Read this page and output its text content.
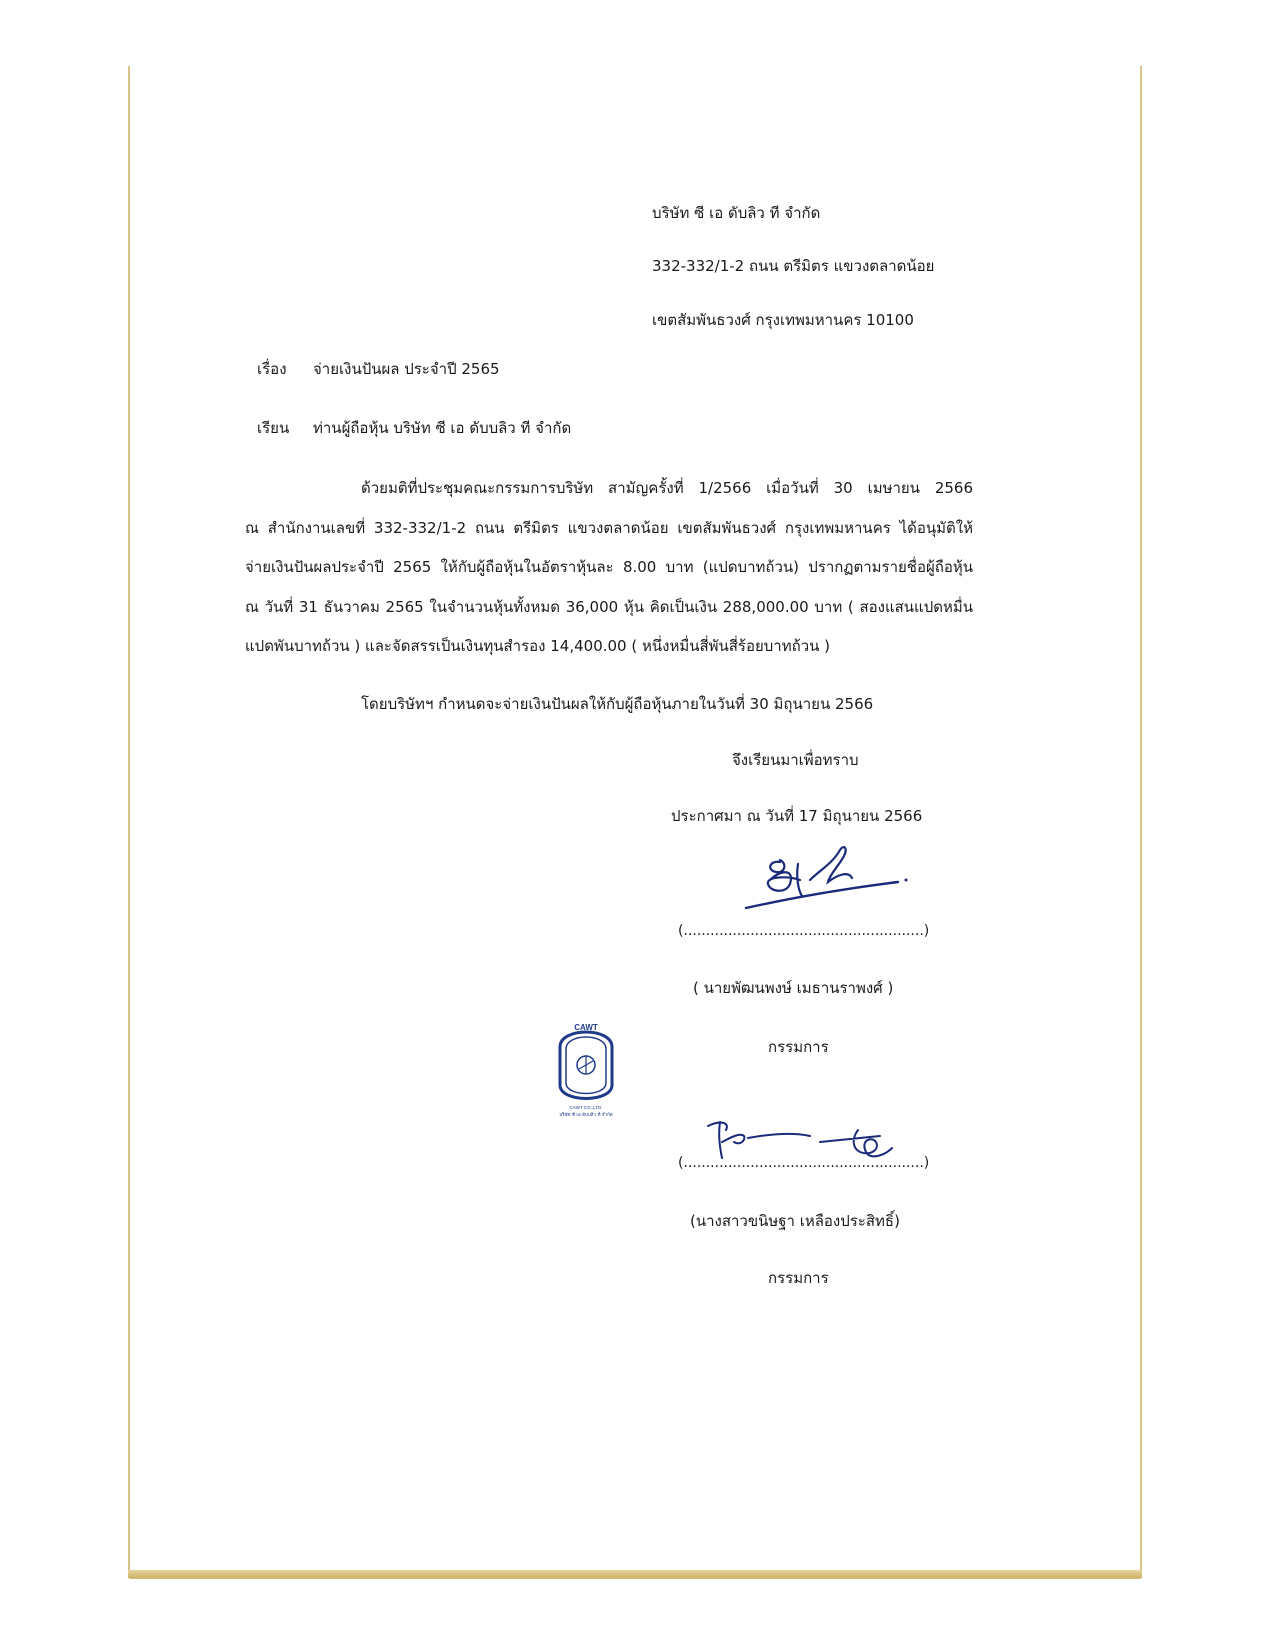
บริษัท ซี เอ ดับลิว ที จำกัด
332-332/1-2 ถนน ตรีมิตร แขวงตลาดน้อย
เขตสัมพันธวงศ์ กรุงเทพมหานคร 10100
เรื่อง จ่ายเงินปันผล ประจำปี 2565
เรียน ท่านผู้ถือหุ้น บริษัท ซี เอ ดับบลิว ที จำกัด
ด้วยมติที่ประชุมคณะกรรมการบริษัท สามัญครั้งที่ 1/2566 เมื่อวันที่ 30 เมษายน 2566
ณ สำนักงานเลขที่ 332-332/1-2 ถนน ตรีมิตร แขวงตลาดน้อย เขตสัมพันธวงศ์ กรุงเทพมหานคร ได้อนุมัติให้
จ่ายเงินปันผลประจำปี 2565 ให้กับผู้ถือหุ้นในอัตราหุ้นละ 8.00 บาท (แปดบาทถ้วน) ปรากฏตามรายชื่อผู้ถือหุ้น
ณ วันที่ 31 ธันวาคม 2565 ในจำนวนหุ้นทั้งหมด 36,000 หุ้น คิดเป็นเงิน 288,000.00 บาท ( สองแสนแปดหมื่น
แปดพันบาทถ้วน ) และจัดสรรเป็นเงินทุนสำรอง 14,400.00 ( หนึ่งหมื่นสี่พันสี่ร้อยบาทถ้วน )
โดยบริษัทฯ กำหนดจะจ่ายเงินปันผลให้กับผู้ถือหุ้นภายในวันที่ 30 มิถุนายน 2566
จึงเรียนมาเพื่อทราบ
ประกาศมา ณ วันที่ 17 มิถุนายน 2566
(......................................................)
( นายพัฒนพงษ์ เมธานราพงศ์ )
กรรมการ
CAWT
CAWT CO.,LTD.
บริษัท ซี เอ ดับบลิว ที จำกัด
(......................................................)
(นางสาวขนิษฐา เหลืองประสิทธิ์)
กรรมการ
